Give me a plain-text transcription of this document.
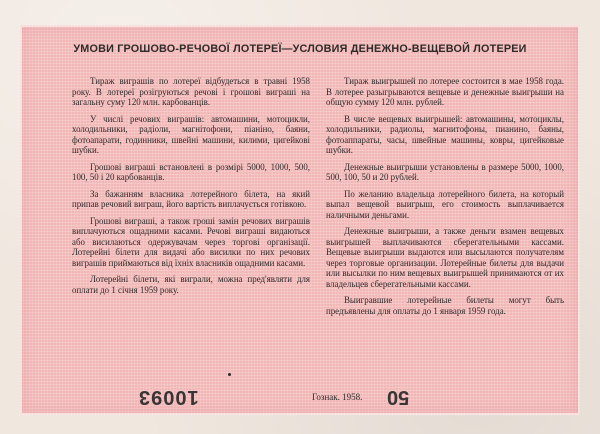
УМОВИ ГРОШОВО-РЕЧОВОЇ ЛОТЕРЕЇ—УСЛОВИЯ ДЕНЕЖНО-ВЕЩЕВОЙ ЛОТЕРЕИ

Тираж виграшів по лотереї відбудеться в травні 1958 року. В лотереї розігруються речові і грошові виграші на загальну суму 120 млн. карбованців.

У числі речових виграшів: автомашини, мотоцикли, холодильники, радіоли, магнітофони, піаніно, баяни, фотоапарати, годинники, швейні машини, килими, цигейкові шубки.

Грошові виграші встановлені в розмірі 5000, 1000, 500, 100, 50 і 20 карбованців.

За бажанням власника лотерейного білета, на який припав речовий виграш, його вартість виплачується готівкою.

Грошові виграші, а також гроші замін речових виграшів виплачуються ощадними касами. Речові виграші видаються або висилаються одержувачам через торгові організації. Лотерейні білети для видачі або висилки по них речових виграшів приймаються від їхніх власників ощадними касами.

Лотерейні білети, які виграли, можна пред'являти для оплати до 1 січня 1959 року.

Тираж выигрышей по лотерее состоится в мае 1958 года. В лотерее разыгрываются вещевые и денежные выигрыши на общую сумму 120 млн. рублей.

В числе вещевых выигрышей: автомашины, мотоциклы, холодильники, радиолы, магнитофоны, пианино, баяны, фотоаппараты, часы, швейные машины, ковры, цигейковые шубки.

Денежные выигрыши установлены в размере 5000, 1000, 500, 100, 50 и 20 рублей.

По желанию владельца лотерейного билета, на который выпал вещевой выигрыш, его стоимость выплачивается наличными деньгами.

Денежные выигрыши, а также деньги взамен вещевых выигрышей выплачиваются сберегательными кассами. Вещевые выигрыши выдаются или высылаются получателям через торговые организации. Лотерейные билеты для выдачи или высылки по ним вещевых выигрышей принимаются от их владельцев сберегательными кассами.

Выигравшие лотерейные билеты могут быть предъявлены для оплаты до 1 января 1959 года.

10093	Гознак. 1958. 50
